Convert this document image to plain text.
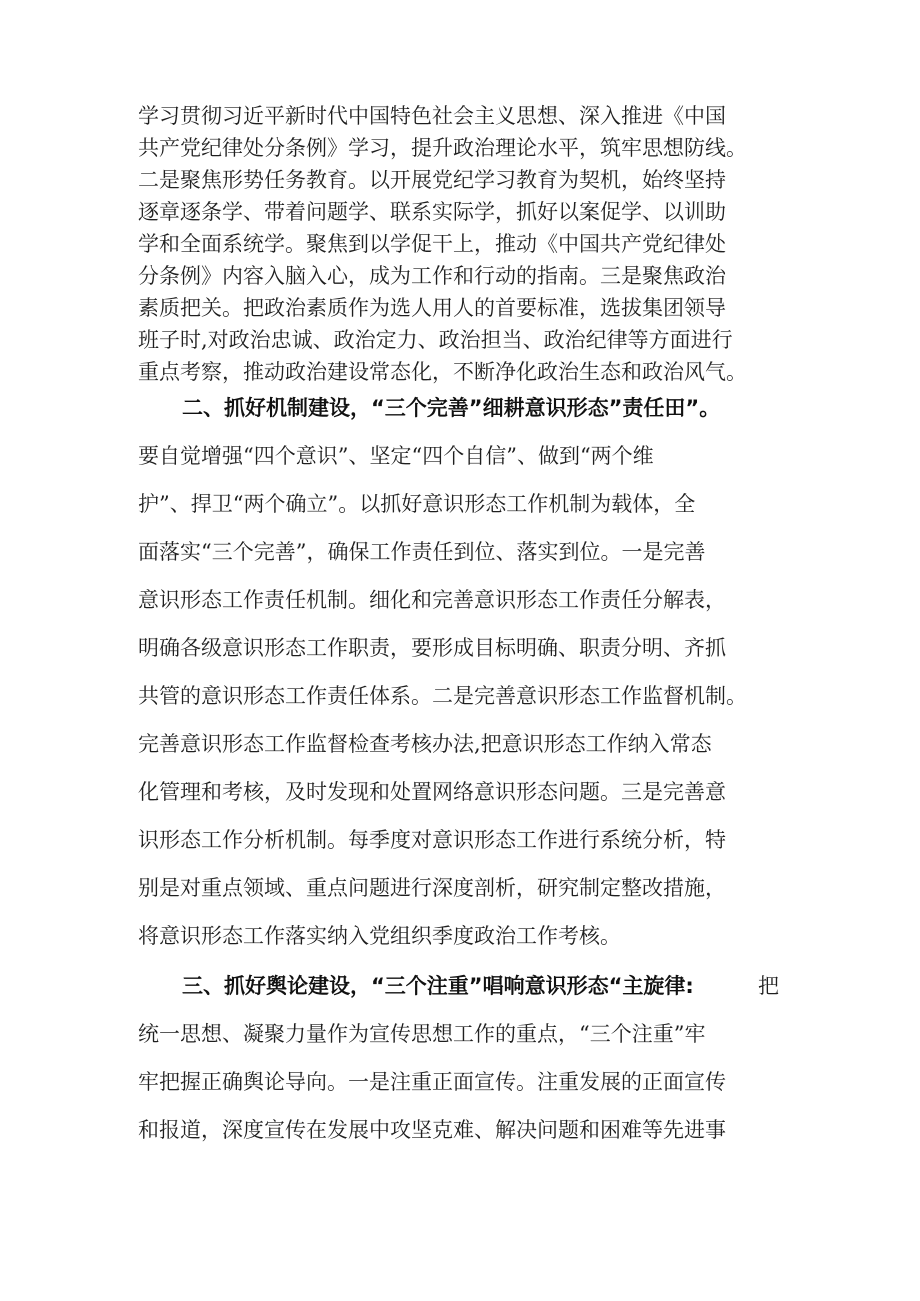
学习贯彻习近平新时代中国特色社会主义思想、深入推进《中国
共产党纪律处分条例》学习，提升政治理论水平，筑牢思想防线。
二是聚焦形势任务教育。以开展党纪学习教育为契机，始终坚持
逐章逐条学、带着问题学、联系实际学，抓好以案促学、以训助
学和全面系统学。聚焦到以学促干上，推动《中国共产党纪律处
分条例》内容入脑入心，成为工作和行动的指南。三是聚焦政治
素质把关。把政治素质作为选人用人的首要标准，选拔集团领导
班子时,对政治忠诚、政治定力、政治担当、政治纪律等方面进行
重点考察，推动政治建设常态化，不断净化政治生态和政治风气。
二、抓好机制建设，“三个完善”细耕意识形态”责任田”。
要自觉增强“四个意识”、坚定“四个自信”、做到“两个维
护”、捍卫“两个确立”。以抓好意识形态工作机制为载体，全
面落实“三个完善”，确保工作责任到位、落实到位。一是完善
意识形态工作责任机制。细化和完善意识形态工作责任分解表，
明确各级意识形态工作职责，要形成目标明确、职责分明、齐抓
共管的意识形态工作责任体系。二是完善意识形态工作监督机制。
完善意识形态工作监督检查考核办法,把意识形态工作纳入常态
化管理和考核，及时发现和处置网络意识形态问题。三是完善意
识形态工作分析机制。每季度对意识形态工作进行系统分析，特
别是对重点领域、重点问题进行深度剖析，研究制定整改措施，
将意识形态工作落实纳入党组织季度政治工作考核。
三、抓好舆论建设，“三个注重”唱响意识形态“主旋律:	把
统一思想、凝聚力量作为宣传思想工作的重点，“三个注重”牢
牢把握正确舆论导向。一是注重正面宣传。注重发展的正面宣传
和报道，深度宣传在发展中攻坚克难、解决问题和困难等先进事
